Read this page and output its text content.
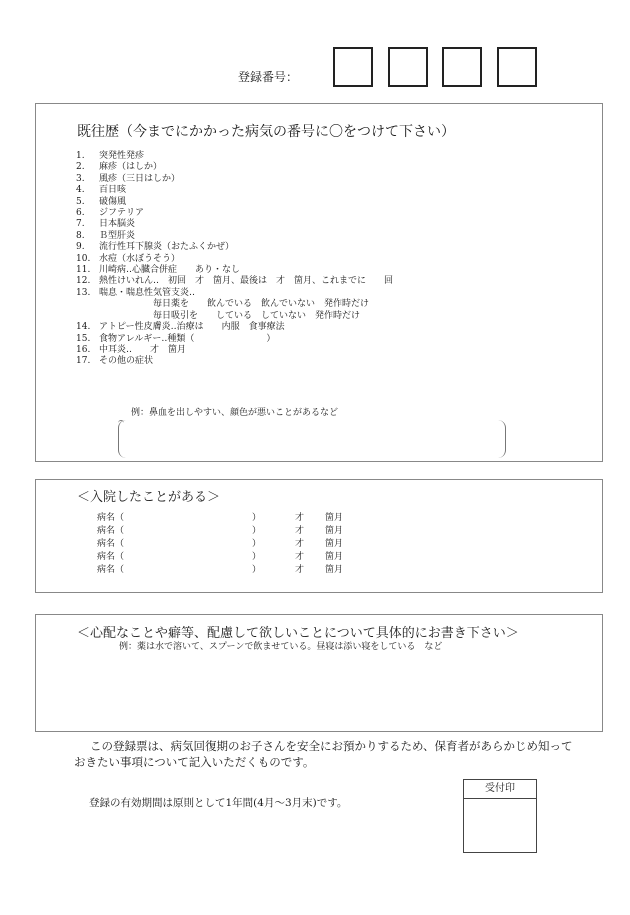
登録番号：
既往歴（今までにかかった病気の番号に〇をつけて下さい）
1.	突発性発疹
2.	麻疹（はしか）
3.	風疹（三日はしか）
4.	百日咳
5.	破傷風
6.	ジフテリア
7.	日本脳炎
8.	Ｂ型肝炎
9.	流行性耳下腺炎（おたふくかぜ）
10. 水痘（水ぼうそう）
11. 川崎病‥心臓合併症　　あり・なし
12. 熱性けいれん‥　初回　才　箇月、最後は　才　箇月、これまでに　　回
13. 喘息・喘息性気管支炎‥
　　　　　　毎日薬を　　飲んでいる　飲んでいない　発作時だけ
　　　　　　毎日吸引を　　している　していない　発作時だけ
14. アトピー性皮膚炎‥治療は　　内服　食事療法
15. 食物アレルギー‥種類（　　　　　　　　）
16. 中耳炎‥　　才　箇月
17. その他の症状
例：鼻血を出しやすい、顔色が悪いことがあるなど
＜入院したことがある＞
病名（	）	才 箇月
病名（	）	才 箇月
病名（	）	才 箇月
病名（	）	才 箇月
病名（	）	才 箇月
＜心配なことや癖等、配慮して欲しいことについて具体的にお書き下さい＞
例：薬は水で溶いて、スプーンで飲ませている。昼寝は添い寝をしている　など
この登録票は、病気回復期のお子さんを安全にお預かりするため、保育者があらかじめ知っておきたい事項について記入いただくものです。
登録の有効期間は原則として1年間(4月～3月末)です。
受付印
